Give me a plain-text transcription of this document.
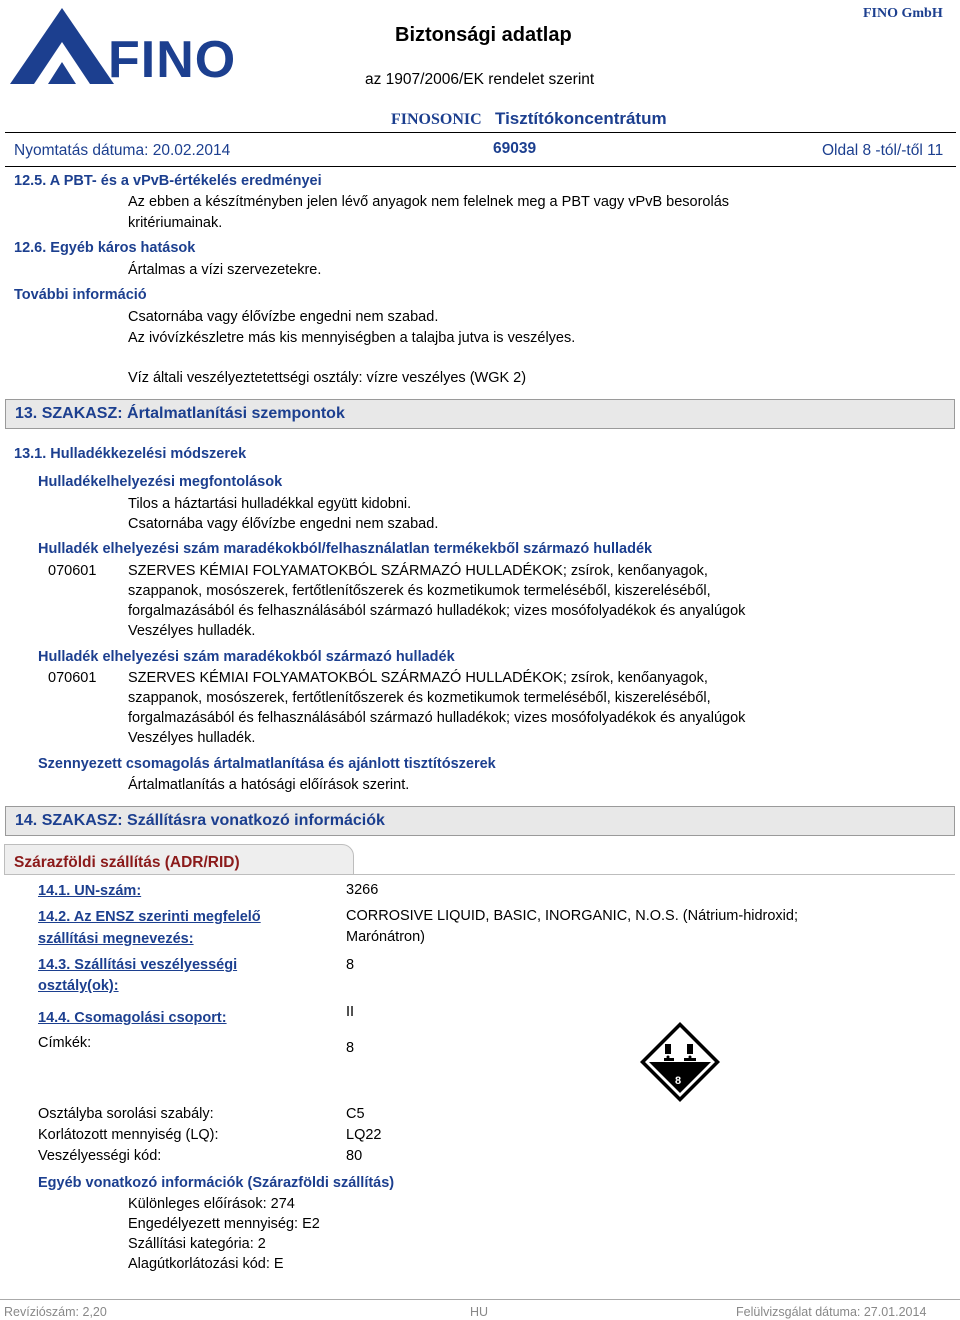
FINO	Biztonsági adatlap
FINO GmbH
az 1907/2006/EK rendelet szerint
FINOSONIC Tisztítókoncentrátum
Nyomtatás dátuma: 20.02.2014	69039	Oldal 8 -tól/-től 11
12.5. A PBT- és a vPvB-értékelés eredményei
Az ebben a készítményben jelen lévő anyagok nem felelnek meg a PBT vagy vPvB besorolás
kritériumainak.
12.6. Egyéb káros hatások
Ártalmas a vízi szervezetekre.
További információ
Csatornába vagy élővízbe engedni nem szabad.
Az ivóvízkészletre más kis mennyiségben a talajba jutva is veszélyes.
Víz általi veszélyeztetettségi osztály: vízre veszélyes (WGK 2)
13. SZAKASZ: Ártalmatlanítási szempontok
13.1. Hulladékkezelési módszerek
Hulladékelhelyezési megfontolások
Tilos a háztartási hulladékkal együtt kidobni.
Csatornába vagy élővízbe engedni nem szabad.
Hulladék elhelyezési szám maradékokból/felhasználatlan termékekből származó hulladék
070601 SZERVES KÉMIAI FOLYAMATOKBÓL SZÁRMAZÓ HULLADÉKOK; zsírok, kenőanyagok,
szappanok, mosószerek, fertőtlenítőszerek és kozmetikumok termeléséből, kiszereléséből,
forgalmazásából és felhasználásából származó hulladékok; vizes mosófolyadékok és anyalúgok
Veszélyes hulladék.
Hulladék elhelyezési szám maradékokból származó hulladék
070601 SZERVES KÉMIAI FOLYAMATOKBÓL SZÁRMAZÓ HULLADÉKOK; zsírok, kenőanyagok,
szappanok, mosószerek, fertőtlenítőszerek és kozmetikumok termeléséből, kiszereléséből,
forgalmazásából és felhasználásából származó hulladékok; vizes mosófolyadékok és anyalúgok
Veszélyes hulladék.
Szennyezett csomagolás ártalmatlanítása és ajánlott tisztítószerek
Ártalmatlanítás a hatósági előírások szerint.
14. SZAKASZ: Szállításra vonatkozó információk
Szárazföldi szállítás (ADR/RID)
14.1. UN-szám:	3266
14.2. Az ENSZ szerinti megfelelő
szállítási megnevezés:
CORROSIVE LIQUID, BASIC, INORGANIC, N.O.S. (Nátrium-hidroxid;
Marónátron)
14.3. Szállítási veszélyességi
osztály(ok):
8
14.4. Csomagolási csoport:	II
Címkék:	8
8
Osztályba sorolási szabály:	C5
Korlátozott mennyiség (LQ):	LQ22
Veszélyességi kód:	80
Egyéb vonatkozó információk (Szárazföldi szállítás)
Különleges előírások: 274
Engedélyezett mennyiség: E2
Szállítási kategória: 2
Alagútkorlátozási kód: E
Revíziószám: 2,20	HU	Felülvizsgálat dátuma: 27.01.2014
